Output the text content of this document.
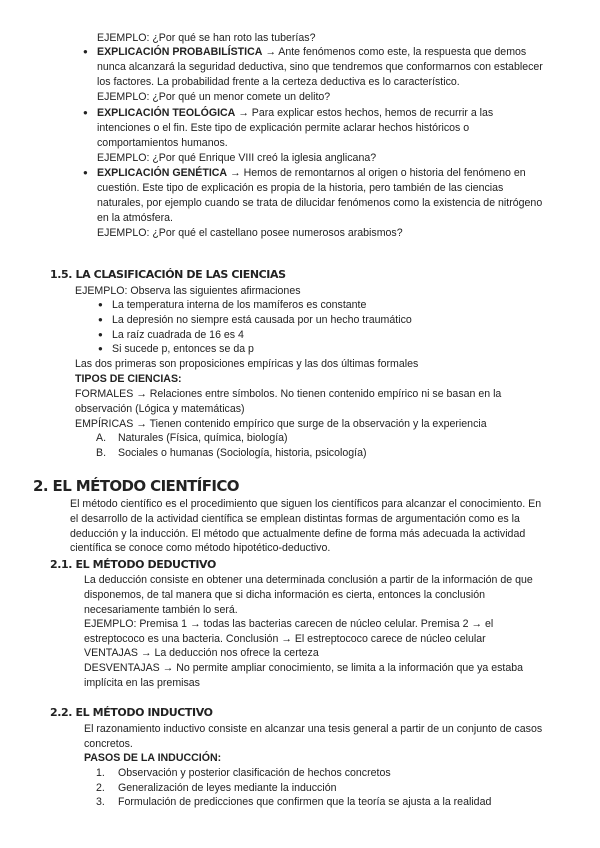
EJEMPLO: ¿Por qué se han roto las tuberías?
● EXPLICACIÓN PROBABILÍSTICA → Ante fenómenos como este, la respuesta que demos
nunca alcanzará la seguridad deductiva, sino que tendremos que conformarnos con establecer
los factores. La probabilidad frente a la certeza deductiva es lo característico.
EJEMPLO: ¿Por qué un menor comete un delito?
● EXPLICACIÓN TEOLÓGICA → Para explicar estos hechos, hemos de recurrir a las
intenciones o el fin. Este tipo de explicación permite aclarar hechos históricos o
comportamientos humanos.
EJEMPLO: ¿Por qué Enrique VIII creó la iglesia anglicana?
● EXPLICACIÓN GENÉTICA → Hemos de remontarnos al origen o historia del fenómeno en
cuestión. Este tipo de explicación es propia de la historia, pero también de las ciencias
naturales, por ejemplo cuando se trata de dilucidar fenómenos como la existencia de nitrógeno
en la atmósfera.
EJEMPLO: ¿Por qué el castellano posee numerosos arabismos?
1.5. LA CLASIFICACIÓN DE LAS CIENCIAS
EJEMPLO: Observa las siguientes afirmaciones
● La temperatura interna de los mamíferos es constante
● La depresión no siempre está causada por un hecho traumático
● La raíz cuadrada de 16 es 4
● Si sucede p, entonces se da p
Las dos primeras son proposiciones empíricas y las dos últimas formales
TIPOS DE CIENCIAS:
FORMALES → Relaciones entre símbolos. No tienen contenido empírico ni se basan en la
observación (Lógica y matemáticas)
EMPÍRICAS → Tienen contenido empírico que surge de la observación y la experiencia
A. Naturales (Física, química, biología)
B. Sociales o humanas (Sociología, historia, psicología)
2. EL MÉTODO CIENTÍFICO
El método científico es el procedimiento que siguen los científicos para alcanzar el conocimiento. En
el desarrollo de la actividad científica se emplean distintas formas de argumentación como es la
deducción y la inducción. El método que actualmente define de forma más adecuada la actividad
científica se conoce como método hipotético-deductivo.
2.1. EL MÉTODO DEDUCTIVO
La deducción consiste en obtener una determinada conclusión a partir de la información de que
disponemos, de tal manera que si dicha información es cierta, entonces la conclusión
necesariamente también lo será.
EJEMPLO: Premisa 1 → todas las bacterias carecen de núcleo celular. Premisa 2 → el
estreptococo es una bacteria. Conclusión → El estreptococo carece de núcleo celular
VENTAJAS → La deducción nos ofrece la certeza
DESVENTAJAS → No permite ampliar conocimiento, se limita a la información que ya estaba
implícita en las premisas
2.2. EL MÉTODO INDUCTIVO
El razonamiento inductivo consiste en alcanzar una tesis general a partir de un conjunto de casos
concretos.
PASOS DE LA INDUCCIÓN:
1. Observación y posterior clasificación de hechos concretos
2. Generalización de leyes mediante la inducción
3. Formulación de predicciones que confirmen que la teoría se ajusta a la realidad
